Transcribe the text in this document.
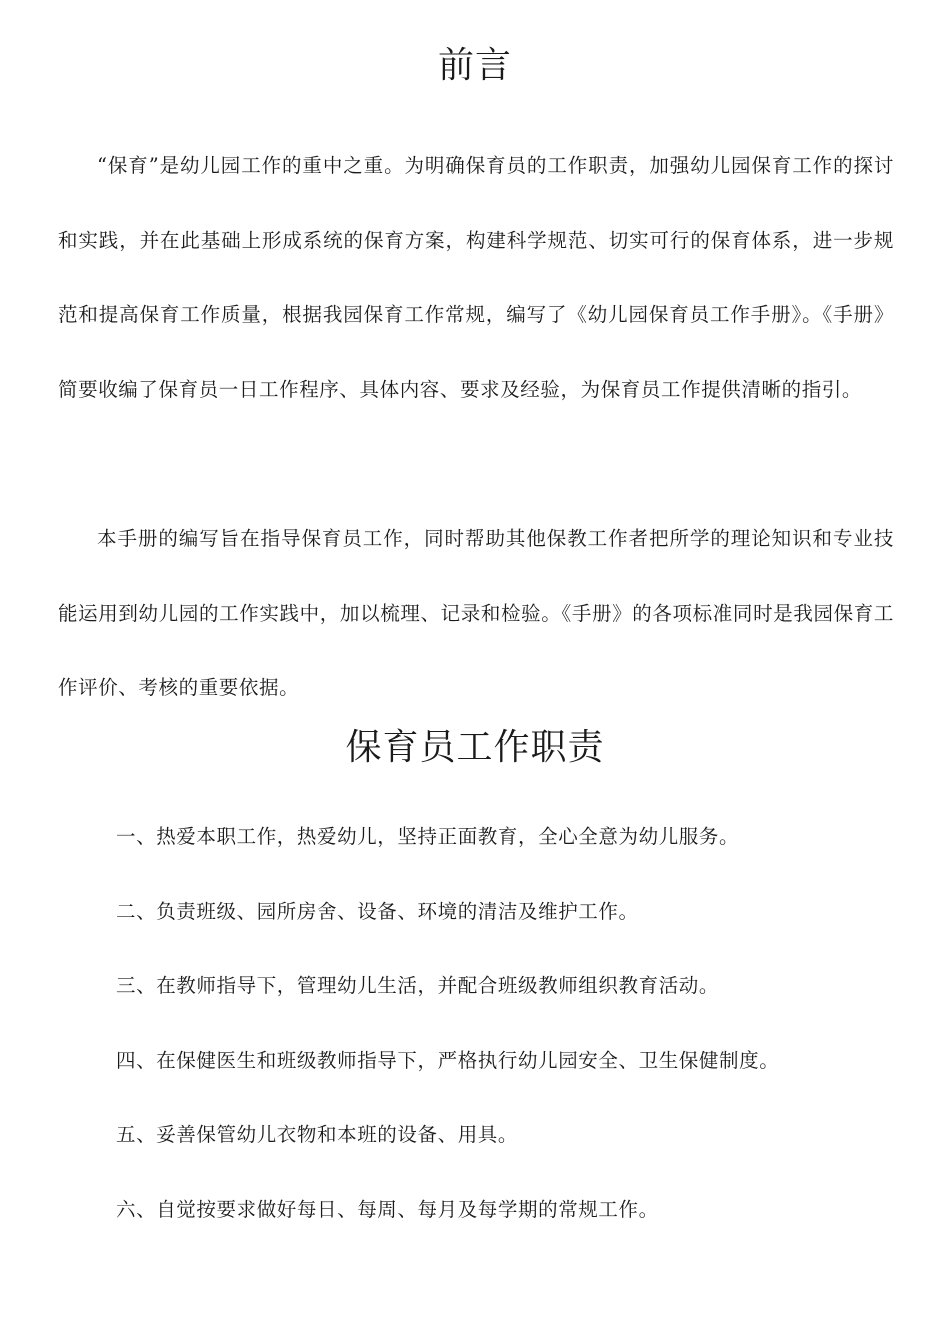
前言

“保育”是幼儿园工作的重中之重。为明确保育员的工作职责，加强幼儿园保育工作的探讨和实践，并在此基础上形成系统的保育方案，构建科学规范、切实可行的保育体系，进一步规范和提高保育工作质量，根据我园保育工作常规，编写了《幼儿园保育员工作手册》。《手册》简要收编了保育员一日工作程序、具体内容、要求及经验，为保育员工作提供清晰的指引。

本手册的编写旨在指导保育员工作，同时帮助其他保教工作者把所学的理论知识和专业技能运用到幼儿园的工作实践中，加以梳理、记录和检验。《手册》的各项标准同时是我园保育工作评价、考核的重要依据。

保育员工作职责
一、热爱本职工作，热爱幼儿，坚持正面教育，全心全意为幼儿服务。
二、负责班级、园所房舍、设备、环境的清洁及维护工作。
三、在教师指导下，管理幼儿生活，并配合班级教师组织教育活动。
四、在保健医生和班级教师指导下，严格执行幼儿园安全、卫生保健制度。
五、妥善保管幼儿衣物和本班的设备、用具。
六、自觉按要求做好每日、每周、每月及每学期的常规工作。
